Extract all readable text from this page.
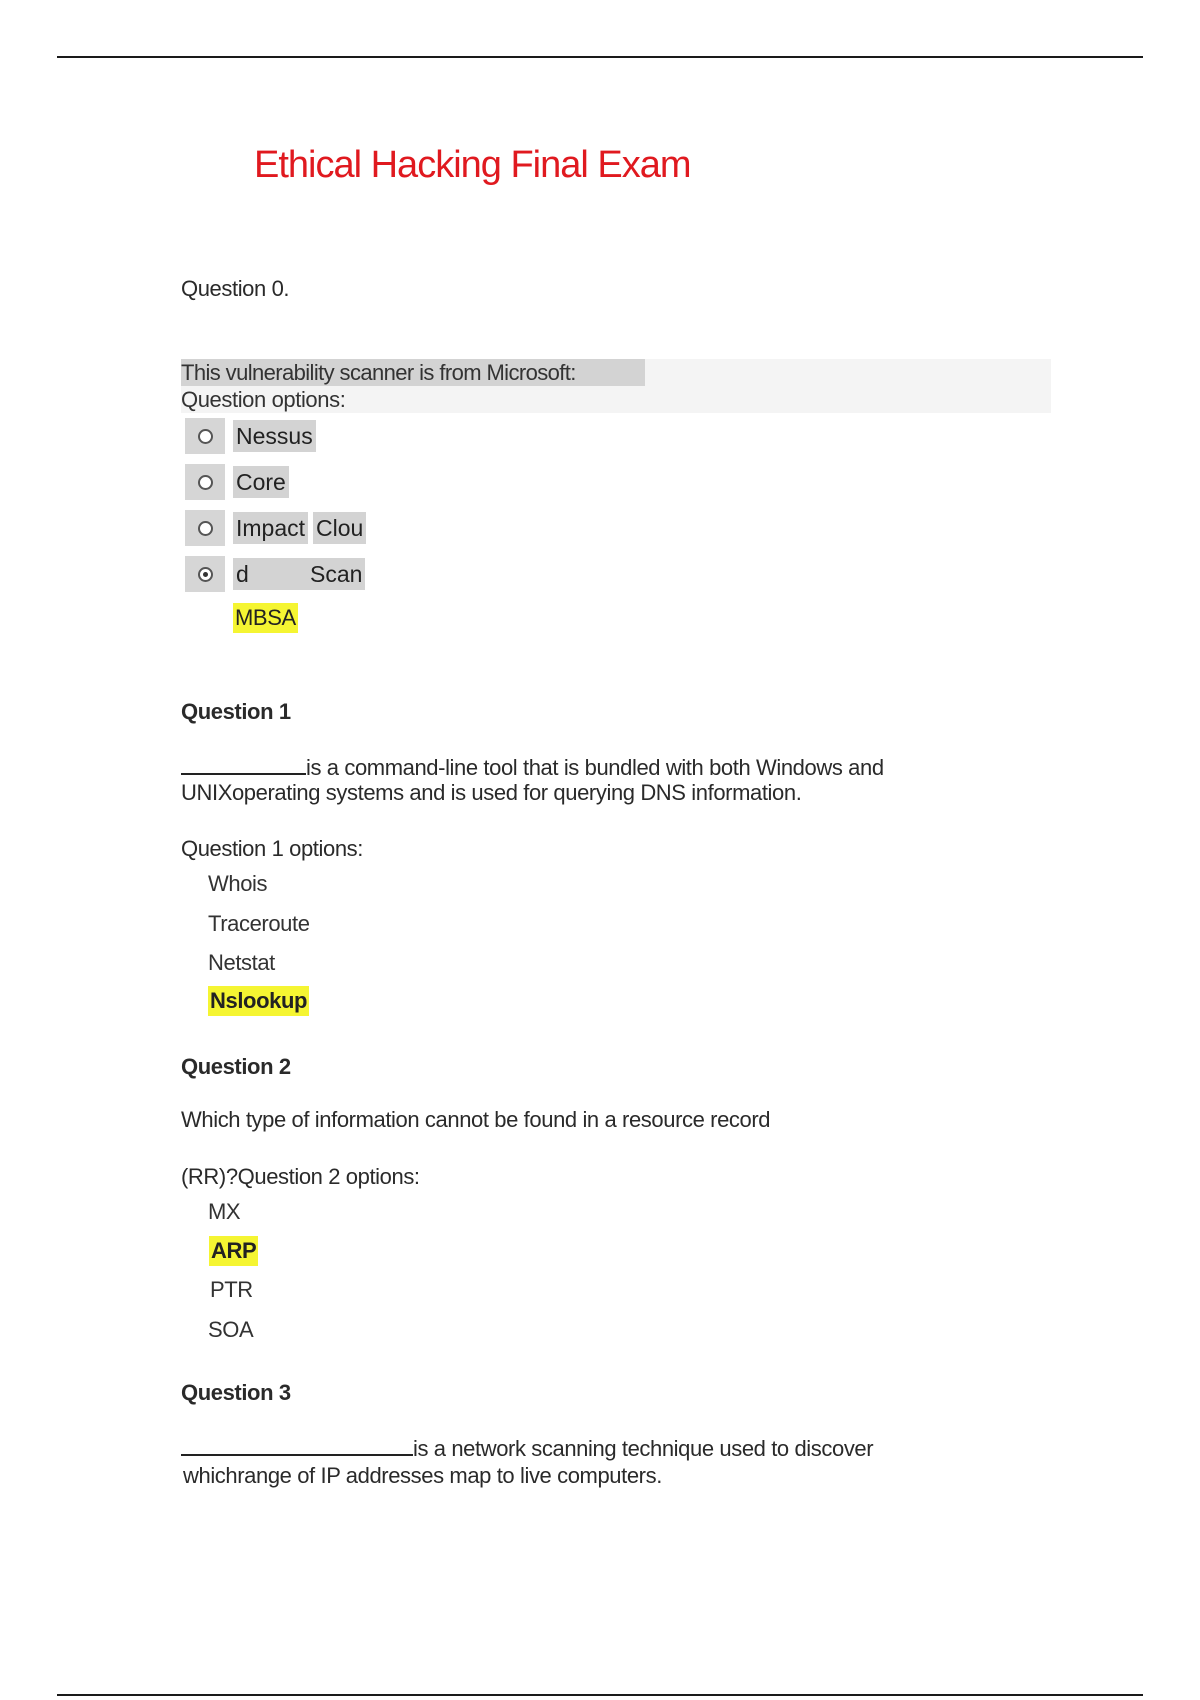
Ethical Hacking Final Exam
Question 0.
This vulnerability scanner is from Microsoft:
Question options:
Nessus
Core
Impact Clou
d	Scan
MBSA
Question 1
is a command-line tool that is bundled with both Windows and
UNIXoperating systems and is used for querying DNS information.
Question 1 options:
Whois
Traceroute
Netstat
Nslookup
Question 2
Which type of information cannot be found in a resource record
(RR)?Question 2 options:
MX
ARP
PTR
SOA
Question 3
is a network scanning technique used to discover
whichrange of IP addresses map to live computers.
